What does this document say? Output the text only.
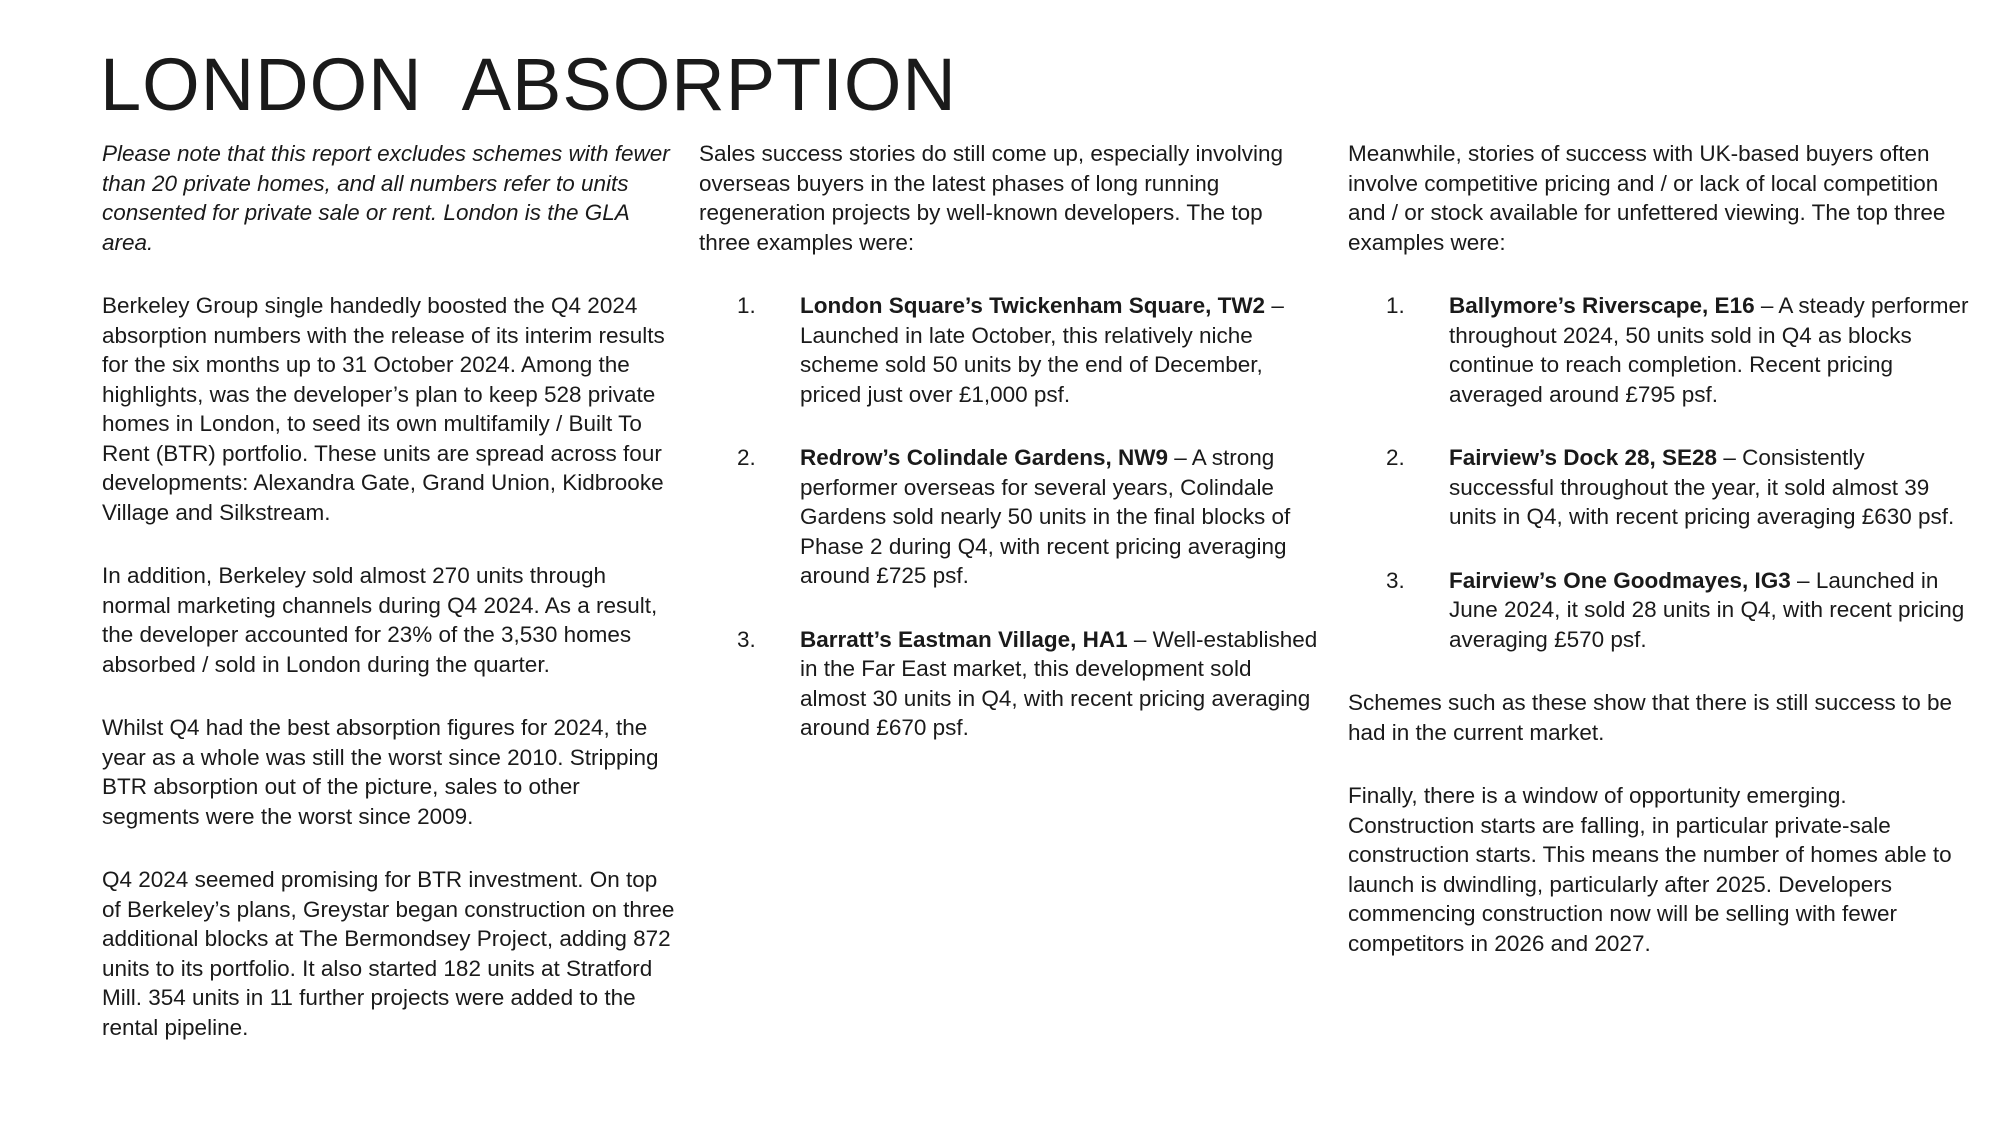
LONDON  ABSORPTION

Please note that this report excludes schemes with fewer than 20 private homes, and all numbers refer to units consented for private sale or rent. London is the GLA area.

Berkeley Group single handedly boosted the Q4 2024 absorption numbers with the release of its interim results for the six months up to 31 October 2024. Among the highlights, was the developer’s plan to keep 528 private homes in London, to seed its own multifamily / Built To Rent (BTR) portfolio. These units are spread across four developments: Alexandra Gate, Grand Union, Kidbrooke Village and Silkstream.

In addition, Berkeley sold almost 270 units through normal marketing channels during Q4 2024. As a result, the developer accounted for 23% of the 3,530 homes absorbed / sold in London during the quarter.

Whilst Q4 had the best absorption figures for 2024, the year as a whole was still the worst since 2010. Stripping BTR absorption out of the picture, sales to other segments were the worst since 2009.

Q4 2024 seemed promising for BTR investment. On top of Berkeley’s plans, Greystar began construction on three additional blocks at The Bermondsey Project, adding 872 units to its portfolio. It also started 182 units at Stratford Mill. 354 units in 11 further projects were added to the rental pipeline.

Sales success stories do still come up, especially involving overseas buyers in the latest phases of long running regeneration projects by well-known developers. The top three examples were:

1. London Square’s Twickenham Square, TW2 – Launched in late October, this relatively niche scheme sold 50 units by the end of December, priced just over £1,000 psf.
2. Redrow’s Colindale Gardens, NW9 – A strong performer overseas for several years, Colindale Gardens sold nearly 50 units in the final blocks of Phase 2 during Q4, with recent pricing averaging around £725 psf.
3. Barratt’s Eastman Village, HA1 – Well-established in the Far East market, this development sold almost 30 units in Q4, with recent pricing averaging around £670 psf.

Meanwhile, stories of success with UK-based buyers often involve competitive pricing and / or lack of local competition and / or stock available for unfettered viewing. The top three examples were:

1. Ballymore’s Riverscape, E16 – A steady performer throughout 2024, 50 units sold in Q4 as blocks continue to reach completion. Recent pricing averaged around £795 psf.
2. Fairview’s Dock 28, SE28 – Consistently successful throughout the year, it sold almost 39 units in Q4, with recent pricing averaging £630 psf.
3. Fairview’s One Goodmayes, IG3 – Launched in June 2024, it sold 28 units in Q4, with recent pricing averaging £570 psf.

Schemes such as these show that there is still success to be had in the current market.

Finally, there is a window of opportunity emerging. Construction starts are falling, in particular private-sale construction starts. This means the number of homes able to launch is dwindling, particularly after 2025. Developers commencing construction now will be selling with fewer competitors in 2026 and 2027.
